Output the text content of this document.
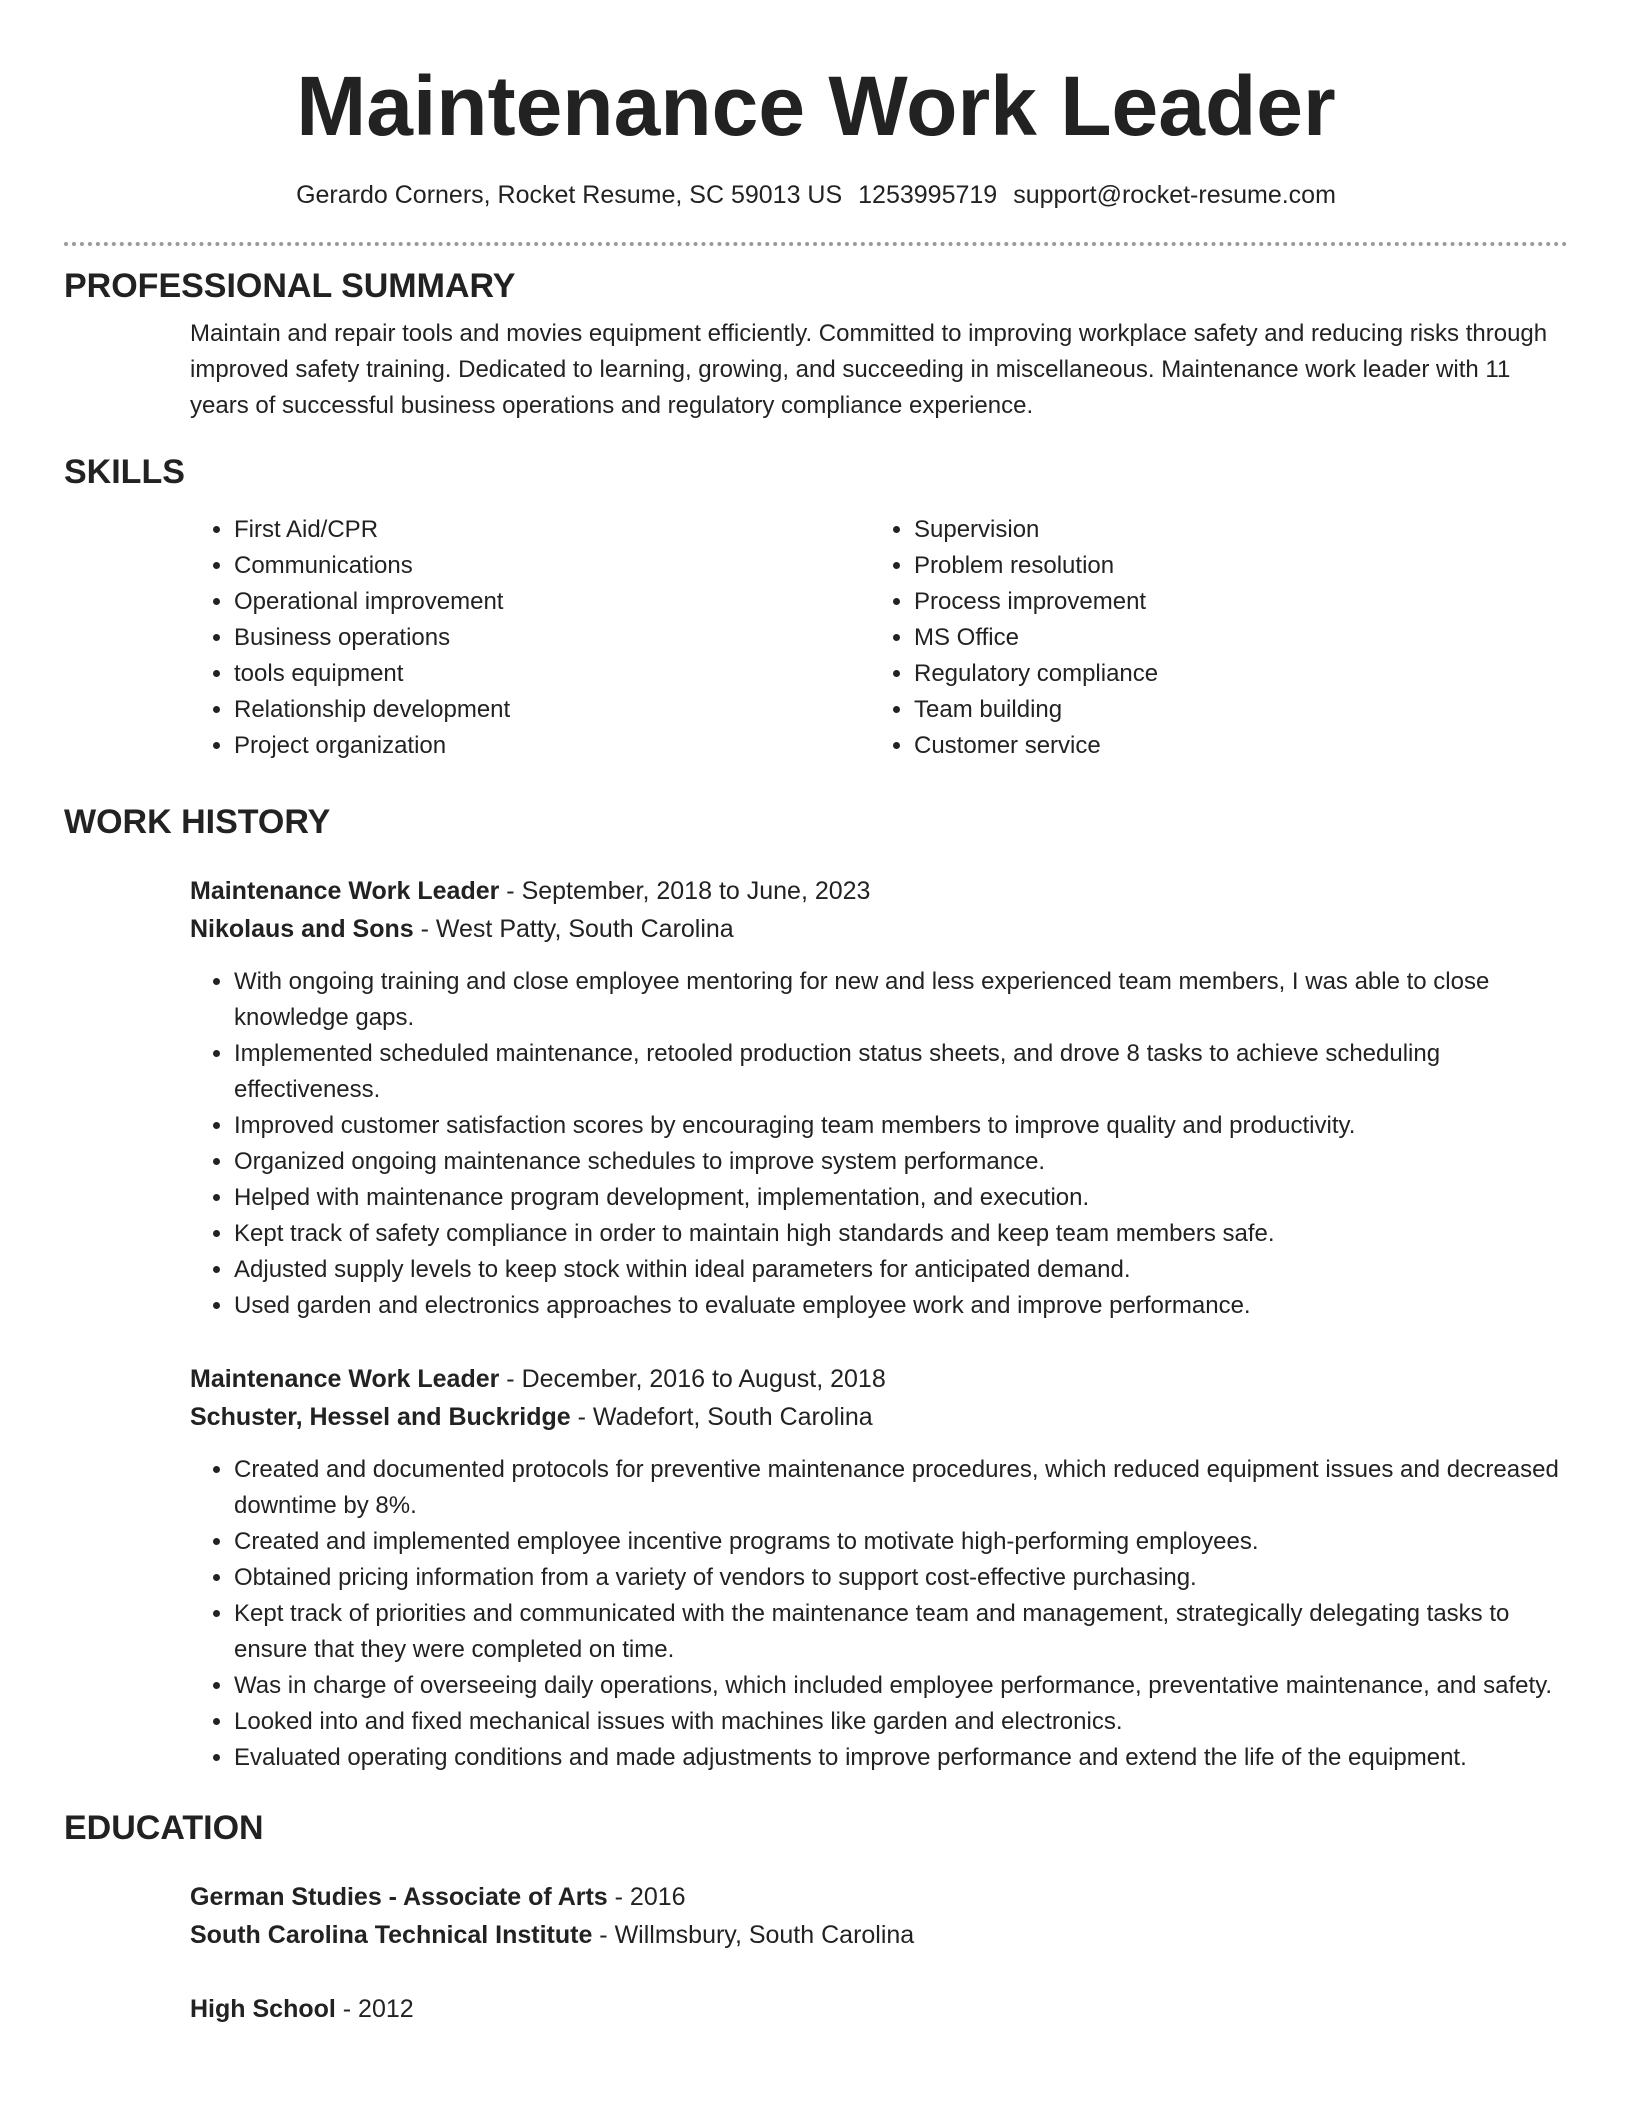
Maintenance Work Leader
Gerardo Corners, Rocket Resume, SC 59013 US 1253995719 support@rocket-resume.com
PROFESSIONAL SUMMARY
Maintain and repair tools and movies equipment efficiently. Committed to improving workplace safety and reducing risks through improved safety training. Dedicated to learning, growing, and succeeding in miscellaneous. Maintenance work leader with 11 years of successful business operations and regulatory compliance experience.
SKILLS
• First Aid/CPR
• Communications
• Operational improvement
• Business operations
• tools equipment
• Relationship development
• Project organization
• Supervision
• Problem resolution
• Process improvement
• MS Office
• Regulatory compliance
• Team building
• Customer service
WORK HISTORY
Maintenance Work Leader - September, 2018 to June, 2023
Nikolaus and Sons - West Patty, South Carolina
• With ongoing training and close employee mentoring for new and less experienced team members, I was able to close knowledge gaps.
• Implemented scheduled maintenance, retooled production status sheets, and drove 8 tasks to achieve scheduling effectiveness.
• Improved customer satisfaction scores by encouraging team members to improve quality and productivity.
• Organized ongoing maintenance schedules to improve system performance.
• Helped with maintenance program development, implementation, and execution.
• Kept track of safety compliance in order to maintain high standards and keep team members safe.
• Adjusted supply levels to keep stock within ideal parameters for anticipated demand.
• Used garden and electronics approaches to evaluate employee work and improve performance.
Maintenance Work Leader - December, 2016 to August, 2018
Schuster, Hessel and Buckridge - Wadefort, South Carolina
• Created and documented protocols for preventive maintenance procedures, which reduced equipment issues and decreased downtime by 8%.
• Created and implemented employee incentive programs to motivate high-performing employees.
• Obtained pricing information from a variety of vendors to support cost-effective purchasing.
• Kept track of priorities and communicated with the maintenance team and management, strategically delegating tasks to ensure that they were completed on time.
• Was in charge of overseeing daily operations, which included employee performance, preventative maintenance, and safety.
• Looked into and fixed mechanical issues with machines like garden and electronics.
• Evaluated operating conditions and made adjustments to improve performance and extend the life of the equipment.
EDUCATION
German Studies - Associate of Arts - 2016
South Carolina Technical Institute - Willmsbury, South Carolina
High School - 2012
